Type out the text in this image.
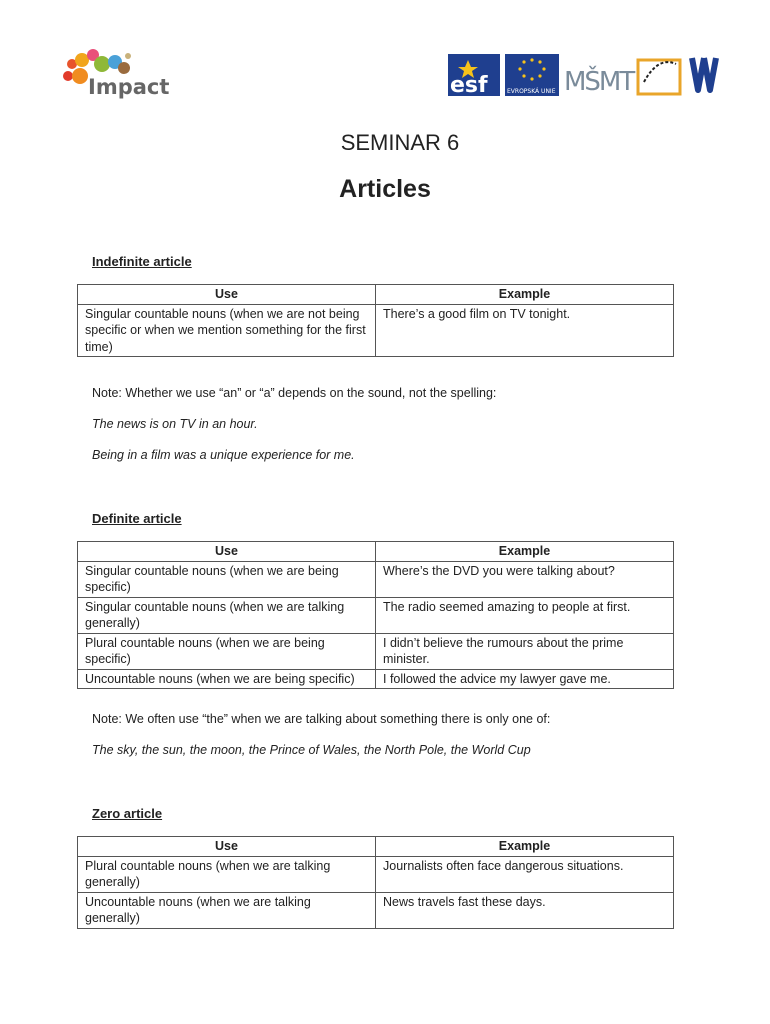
Impact	esf	EVROPSKÁ UNIE MŠMT
SEMINAR 6
Articles
Indefinite article
Use	Example
Singular countable nouns (when we are not being specific or when we mention something for the first time)	There’s a good film on TV tonight.
Note: Whether we use “an” or “a” depends on the sound, not the spelling:
The news is on TV in an hour.
Being in a film was a unique experience for me.
Definite article
Use	Example
Singular countable nouns (when we are being specific)	Where’s the DVD you were talking about?
Singular countable nouns (when we are talking generally)	The radio seemed amazing to people at first.
Plural countable nouns (when we are being specific)	I didn’t believe the rumours about the prime minister.
Uncountable nouns (when we are being specific)	I followed the advice my lawyer gave me.
Note: We often use “the” when we are talking about something there is only one of:
The sky, the sun, the moon, the Prince of Wales, the North Pole, the World Cup
Zero article
Use	Example
Plural countable nouns (when we are talking generally)	Journalists often face dangerous situations.
Uncountable nouns (when we are talking generally)	News travels fast these days.
